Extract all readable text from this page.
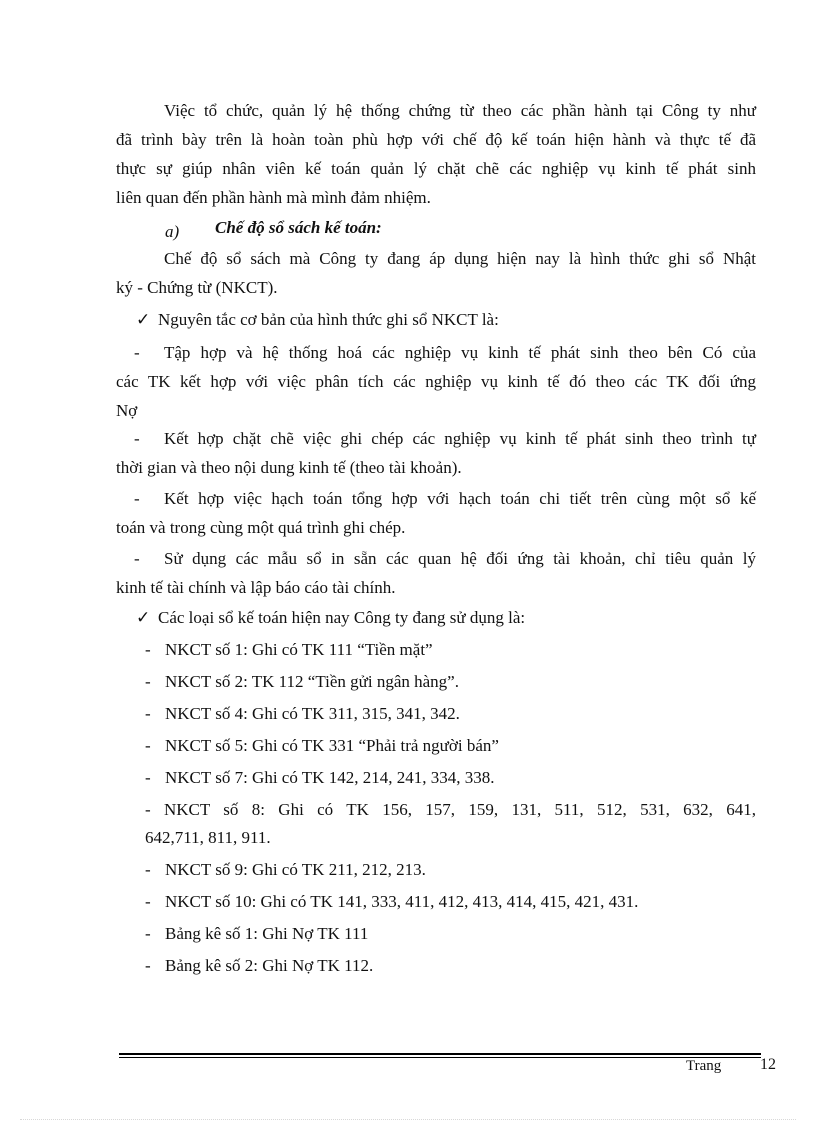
Việc tổ chức, quản lý hệ thống chứng từ theo các phần hành tại Công ty như
đã trình bày trên là hoàn toàn phù hợp với chế độ kế toán hiện hành và thực tế đã
thực sự giúp nhân viên kế toán quản lý chặt chẽ các nghiệp vụ kinh tế phát sinh
liên quan đến phần hành mà mình đảm nhiệm.
a) Chế độ sổ sách kế toán:
Chế độ sổ sách mà Công ty đang áp dụng hiện nay là hình thức ghi sổ Nhật
ký - Chứng từ (NKCT).
✓ Nguyên tắc cơ bản của hình thức ghi sổ NKCT là:
- Tập hợp và hệ thống hoá các nghiệp vụ kinh tế phát sinh theo bên Có của
các TK kết hợp với việc phân tích các nghiệp vụ kinh tế đó theo các TK đối ứng
Nợ
- Kết hợp chặt chẽ việc ghi chép các nghiệp vụ kinh tế phát sinh theo trình tự
thời gian và theo nội dung kinh tế (theo tài khoản).
- Kết hợp việc hạch toán tổng hợp với hạch toán chi tiết trên cùng một sổ kế
toán và trong cùng một quá trình ghi chép.
- Sử dụng các mẫu sổ in sẵn các quan hệ đối ứng tài khoản, chỉ tiêu quản lý
kinh tế tài chính và lập báo cáo tài chính.
✓ Các loại sổ kế toán hiện nay Công ty đang sử dụng là:
- NKCT số 1: Ghi có TK 111 “Tiền mặt”
- NKCT số 2: TK 112 “Tiền gửi ngân hàng”.
- NKCT số 4: Ghi có TK 311, 315, 341, 342.
- NKCT số 5: Ghi có TK 331 “Phải trả người bán”
- NKCT số 7: Ghi có TK 142, 214, 241, 334, 338.
- NKCT số 8: Ghi có TK 156, 157, 159, 131, 511, 512, 531, 632, 641,
642,711, 811, 911.
- NKCT số 9: Ghi có TK 211, 212, 213.
- NKCT số 10: Ghi có TK 141, 333, 411, 412, 413, 414, 415, 421, 431.
- Bảng kê số 1: Ghi Nợ TK 111
- Bảng kê số 2: Ghi Nợ TK 112.
Trang 12
